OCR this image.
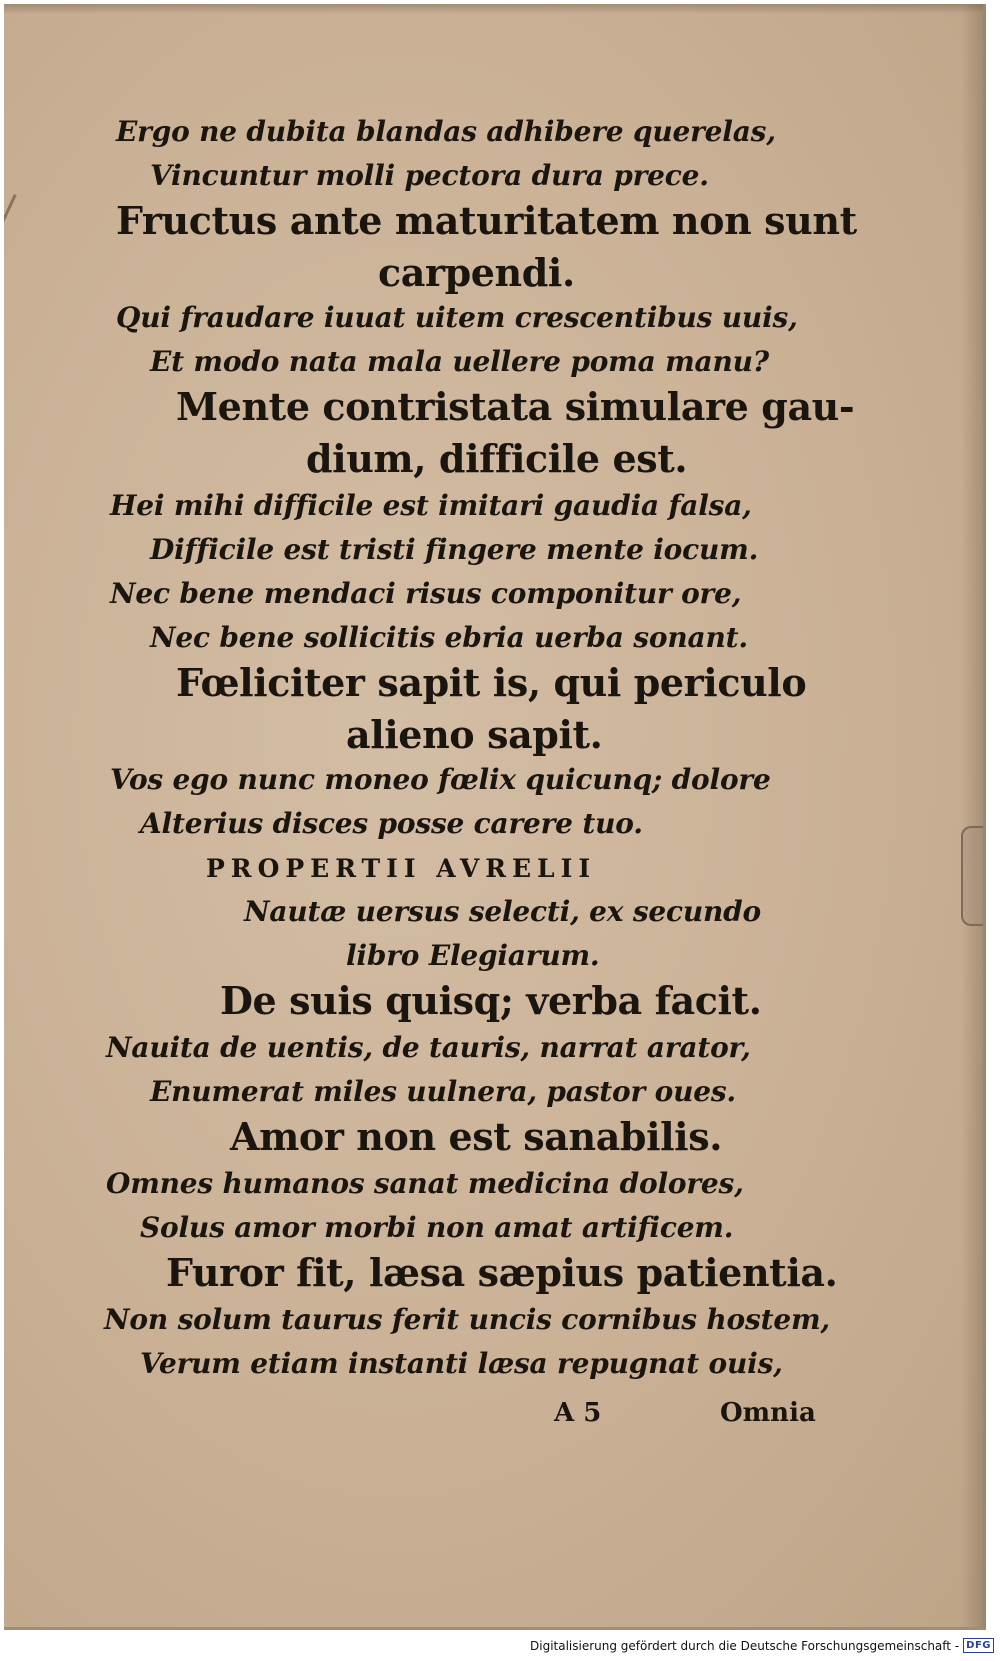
Ergo ne dubita blandas adhibere querelas,
Vincuntur molli pectora dura prece.
Fructus ante maturitatem non sunt
carpendi.
Qui fraudare iuuat uitem crescentibus uuis,
Et modo nata mala uellere poma manu?
Mente contristata simulare gau-
dium, difficile est.
Hei mihi difficile est imitari gaudia falsa,
Difficile est tristi fingere mente iocum.
Nec bene mendaci risus componitur ore,
Nec bene sollicitis ebria uerba sonant.
Fœliciter sapit is, qui periculo
alieno sapit.
Vos ego nunc moneo fœlix quicunq; dolore
Alterius disces posse carere tuo.
PROPERTII AVRELII
Nautæ uersus selecti, ex secundo
libro Elegiarum.
De suis quisq; verba facit.
Nauita de uentis, de tauris, narrat arator,
Enumerat miles uulnera, pastor oues.
Amor non est sanabilis.
Omnes humanos sanat medicina dolores,
Solus amor morbi non amat artificem.
Furor fit, læsa sæpius patientia.
Non solum taurus ferit uncis cornibus hostem,
Verum etiam instanti læsa repugnat ouis,
A 5	Omnia
Digitalisierung gefördert durch die Deutsche Forschungsgemeinschaft - DFG
